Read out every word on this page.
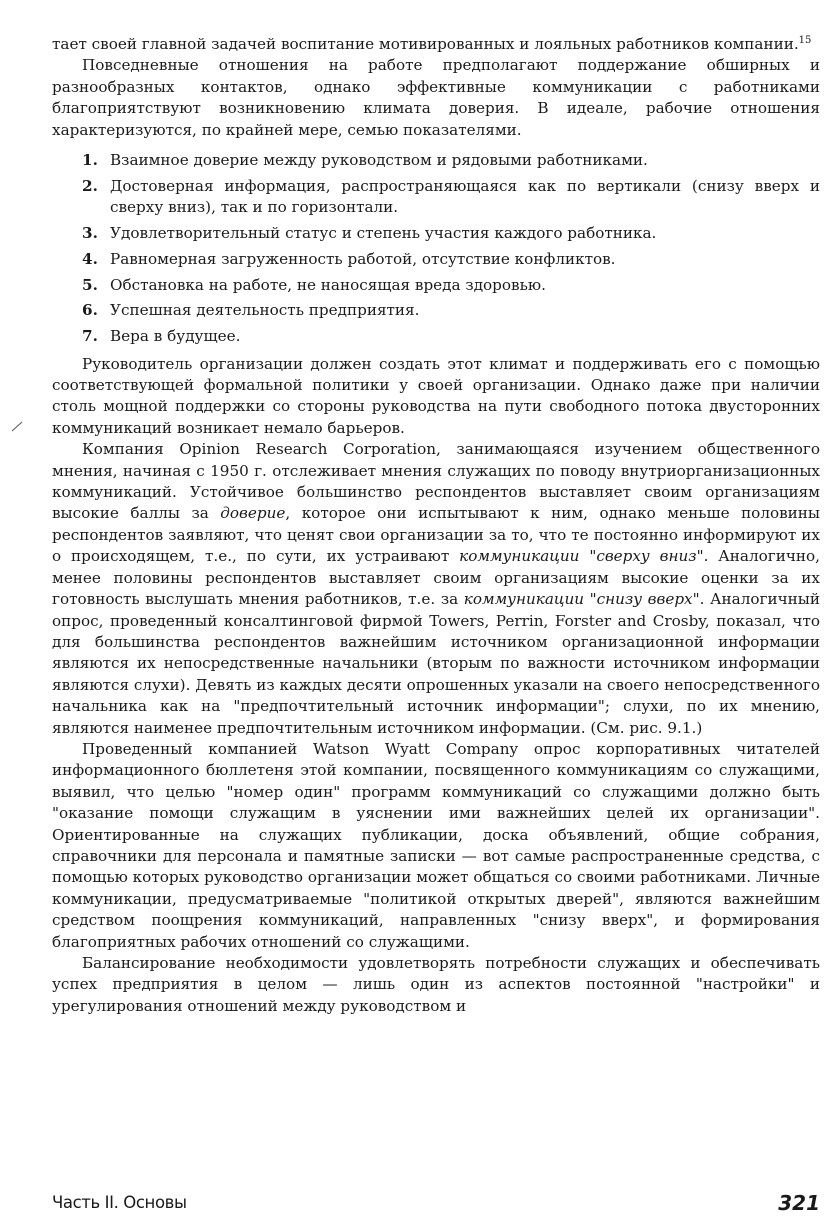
тает своей главной задачей воспитание мотивированных и лояльных работников компании.$^{15}$

Повседневные отношения на работе предполагают поддержание обширных и разнообразных контактов, однако эффективные коммуникации с работниками благоприятствуют возникновению климата доверия. В идеале, рабочие отношения характеризуются, по крайней мере, семью показателями.

1. Взаимное доверие между руководством и рядовыми работниками.
2. Достоверная информация, распространяющаяся как по вертикали (снизу вверх и сверху вниз), так и по горизонтали.
3. Удовлетворительный статус и степень участия каждого работника.
4. Равномерная загруженность работой, отсутствие конфликтов.
5. Обстановка на работе, не наносящая вреда здоровью.
6. Успешная деятельность предприятия.
7. Вера в будущее.

Руководитель организации должен создать этот климат и поддерживать его с помощью соответствующей формальной политики у своей организации. Однако даже при наличии столь мощной поддержки со стороны руководства на пути свободного потока двусторонних коммуникаций возникает немало барьеров.

Компания Opinion Research Corporation, занимающаяся изучением общественного мнения, начиная с 1950 г. отслеживает мнения служащих по поводу внутриорганизационных коммуникаций. Устойчивое большинство респондентов выставляет своим организациям высокие баллы за доверие, которое они испытывают к ним, однако меньше половины респондентов заявляют, что ценят свои организации за то, что те постоянно информируют их о происходящем, т.е., по сути, их устраивают коммуникации "сверху вниз". Аналогично, менее половины респондентов выставляет своим организациям высокие оценки за их готовность выслушать мнения работников, т.е. за коммуникации "снизу вверх". Аналогичный опрос, проведенный консалтинговой фирмой Towers, Perrin, Forster and Crosby, показал, что для большинства респондентов важнейшим источником организационной информации являются их непосредственные начальники (вторым по важности источником информации являются слухи). Девять из каждых десяти опрошенных указали на своего непосредственного начальника как на "предпочтительный источник информации"; слухи, по их мнению, являются наименее предпочтительным источником информации. (См. рис. 9.1.)

Проведенный компанией Watson Wyatt Company опрос корпоративных читателей информационного бюллетеня этой компании, посвященного коммуникациям со служащими, выявил, что целью "номер один" программ коммуникаций со служащими должно быть "оказание помощи служащим в уяснении ими важнейших целей их организации". Ориентированные на служащих публикации, доска объявлений, общие собрания, справочники для персонала и памятные записки — вот самые распространенные средства, с помощью которых руководство организации может общаться со своими работниками. Личные коммуникации, предусматриваемые "политикой открытых дверей", являются важнейшим средством поощрения коммуникаций, направленных "снизу вверх", и формирования благоприятных рабочих отношений со служащими.

Балансирование необходимости удовлетворять потребности служащих и обеспечивать успех предприятия в целом — лишь один из аспектов постоянной "настройки" и урегулирования отношений между руководством и

Часть II. Основы	321
